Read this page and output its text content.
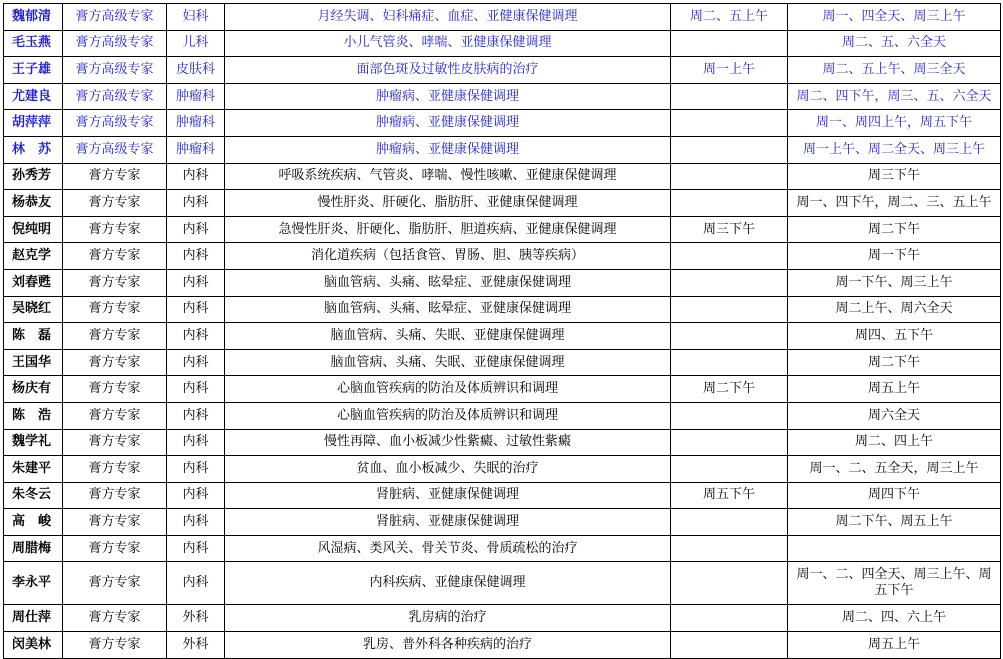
魏郁清	膏方高级专家	妇科	月经失调、妇科痛症、血症、亚健康保健调理	周二、五上午	周一、四全天、周三上午
毛玉燕	膏方高级专家	儿科	小儿气管炎、哮喘、亚健康保健调理		周二、五、六全天
王子雄	膏方高级专家	皮肤科	面部色斑及过敏性皮肤病的治疗	周一上午	周二、五上午、周三全天
尤建良	膏方高级专家	肿瘤科	肿瘤病、亚健康保健调理		周二、四下午，周三、五、六全天
胡萍萍	膏方高级专家	肿瘤科	肿瘤病、亚健康保健调理		周一、周四上午，周五下午
林　苏	膏方高级专家	肿瘤科	肿瘤病、亚健康保健调理		周一上午、周二全天、周三上午
孙秀芳	膏方专家	内科	呼吸系统疾病、气管炎、哮喘、慢性咳嗽、亚健康保健调理		周三下午
杨恭友	膏方专家	内科	慢性肝炎、肝硬化、脂肪肝、亚健康保健调理		周一、四下午，周二、三、五上午
倪纯明	膏方专家	内科	急慢性肝炎、肝硬化、脂肪肝、胆道疾病、亚健康保健调理	周三下午	周二下午
赵克学	膏方专家	内科	消化道疾病（包括食管、胃肠、胆、胰等疾病）		周一下午
刘春甦	膏方专家	内科	脑血管病、头痛、眩晕症、亚健康保健调理		周一下午、周三上午
吴晓红	膏方专家	内科	脑血管病、头痛、眩晕症、亚健康保健调理		周二上午、周六全天
陈　磊	膏方专家	内科	脑血管病、头痛、失眠、亚健康保健调理		周四、五下午
王国华	膏方专家	内科	脑血管病、头痛、失眠、亚健康保健调理		周二下午
杨庆有	膏方专家	内科	心脑血管疾病的防治及体质辨识和调理	周二下午	周五上午
陈　浩	膏方专家	内科	心脑血管疾病的防治及体质辨识和调理		周六全天
魏学礼	膏方专家	内科	慢性再障、血小板减少性紫癜、过敏性紫癜		周二、四上午
朱建平	膏方专家	内科	贫血、血小板减少、失眠的治疗		周一、二、五全天，周三上午
朱冬云	膏方专家	内科	肾脏病、亚健康保健调理	周五下午	周四下午
高　峻	膏方专家	内科	肾脏病、亚健康保健调理		周二下午、周五上午
周腊梅	膏方专家	内科	风湿病、类风关、骨关节炎、骨质疏松的治疗		
李永平	膏方专家	内科	内科疾病、亚健康保健调理		周一、二、四全天、周三上午、周五下午
周仕萍	膏方专家	外科	乳房病的治疗		周二、四、六上午
闵美林	膏方专家	外科	乳房、普外科各种疾病的治疗		周五上午
